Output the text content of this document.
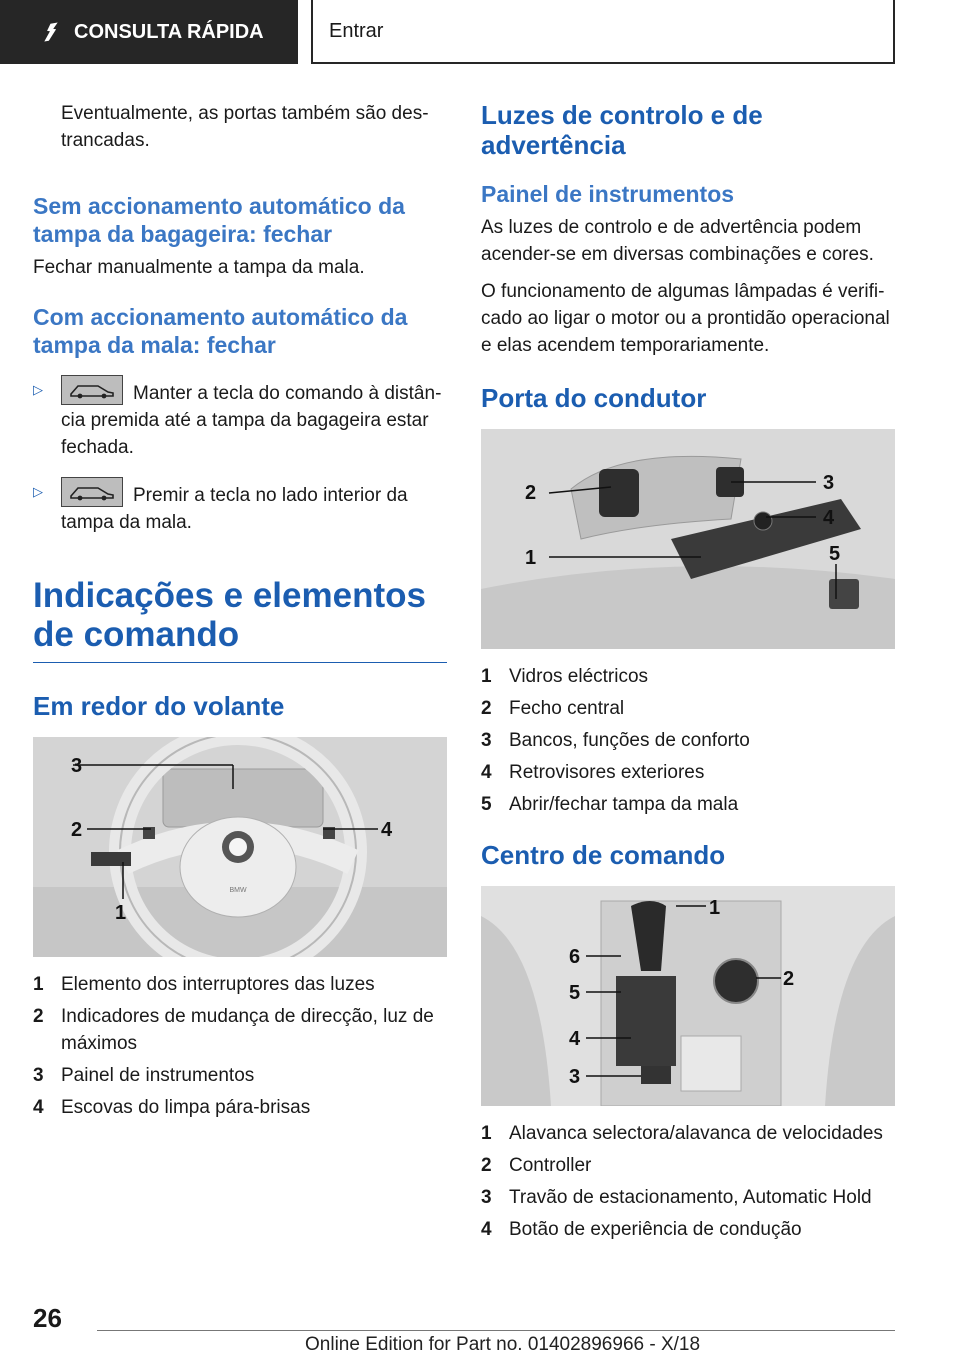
CONSULTA RÁPIDA	Entrar

Eventualmente, as portas também são des-trancadas.

Sem accionamento automático da tampa da bagageira: fechar

Fechar manualmente a tampa da mala.

Com accionamento automático da tampa da mala: fechar
▷	Manter a tecla do comando à distân-cia premida até a tampa da bagageira estar fechada.
▷	Premir a tecla no lado interior da tampa da mala.
Indicações e elementos de comando
Em redor do volante
BMW
3
2	4
1
1 Elemento dos interruptores das luzes
2 Indicadores de mudança de direcção, luz de máximos
3 Painel de instrumentos
4 Escovas do limpa pára-brisas
Luzes de controlo e de advertência
Painel de instrumentos

As luzes de controlo e de advertência podem acender-se em diversas combinações e cores.

O funcionamento de algumas lâmpadas é verifi-cado ao ligar o motor ou a prontidão operacional e elas acendem temporariamente.

Porta do condutor
2
1
3
4
5
1 Vidros eléctricos
2 Fecho central
3 Bancos, funções de conforto
4 Retrovisores exteriores
5 Abrir/fechar tampa da mala
Centro de comando
1
2
6
5
4
3
1 Alavanca selectora/alavanca de velocidades
2 Controller
3 Travão de estacionamento, Automatic Hold
4 Botão de experiência de condução
26
Online Edition for Part no. 01402896966 - X/18
